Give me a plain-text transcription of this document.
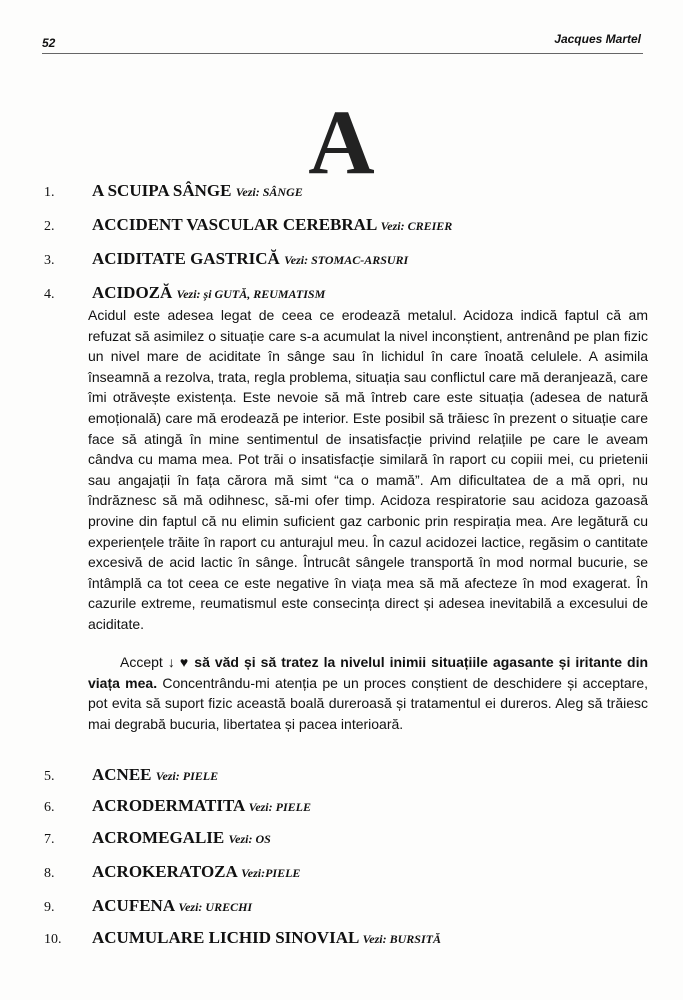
52	Jacques Martel
A
1. A SCUIPA SÂNGE Vezi: SÂNGE
2. ACCIDENT VASCULAR CEREBRAL Vezi: CREIER
3. ACIDITATE GASTRICĂ Vezi: STOMAC-ARSURI
4. ACIDOZĂ Vezi: și GUTĂ, REUMATISM

Acidul este adesea legat de ceea ce erodează metalul. Acidoza indică faptul că am refuzat să asimilez o situație care s-a acumulat la nivel inconștient, antrenând pe plan fizic un nivel mare de aciditate în sânge sau în lichidul în care înoată celulele. A asimila înseamnă a rezolva, trata, regla problema, situația sau conflictul care mă deranjează, care îmi otrăvește existența. Este nevoie să mă întreb care este situația (adesea de natură emoțională) care mă erodează pe interior. Este posibil să trăiesc în prezent o situație care face să atingă în mine sentimentul de insatisfacție privind relațiile pe care le aveam cândva cu mama mea. Pot trăi o insatisfacție similară în raport cu copiii mei, cu prietenii sau angajații în fața cărora mă simt “ca o mamă”. Am dificultatea de a mă opri, nu îndrăznesc să mă odihnesc, să-mi ofer timp. Acidoza respiratorie sau acidoza gazoasă provine din faptul că nu elimin suficient gaz carbonic prin respirația mea. Are legătură cu experiențele trăite în raport cu anturajul meu. În cazul acidozei lactice, regăsim o cantitate excesivă de acid lactic în sânge. Întrucât sângele transportă în mod normal bucurie, se întâmplă ca tot ceea ce este negative în viața mea să mă afecteze în mod exagerat. În cazurile extreme, reumatismul este consecința direct și adesea inevitabilă a excesului de aciditate.

Accept ↓ ♥ să văd și să tratez la nivelul inimii situațiile agasante și iritante din viața mea. Concentrându-mi atenția pe un proces conștient de deschidere și acceptare, pot evita să suport fizic această boală dureroasă și tratamentul ei dureros. Aleg să trăiesc mai degrabă bucuria, libertatea și pacea interioară.

5. ACNEE Vezi: PIELE
6. ACRODERMATITA Vezi: PIELE
7. ACROMEGALIE Vezi: OS
8. ACROKERATOZA Vezi:PIELE
9. ACUFENA Vezi: URECHI
10. ACUMULARE LICHID SINOVIAL Vezi: BURSITĂ
